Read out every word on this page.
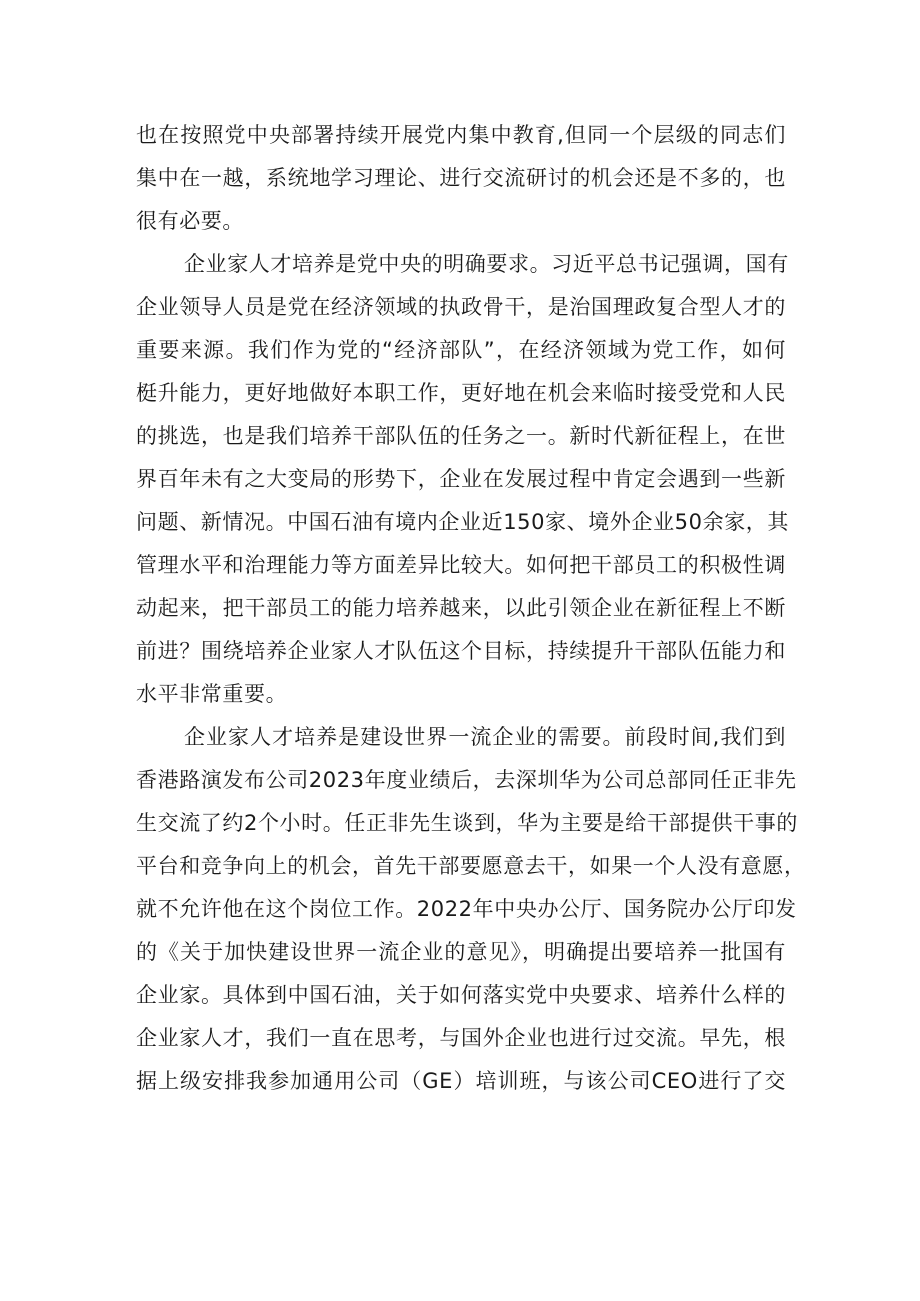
也在按照党中央部署持续开展党内集中教育,但同一个层级的同志们
集中在一越，系统地学习理论、进行交流研讨的机会还是不多的，也
很有必要。
企业家人才培养是党中央的明确要求。习近平总书记强调，国有
企业领导人员是党在经济领域的执政骨干，是治国理政复合型人才的
重要来源。我们作为党的“经济部队”，在经济领域为党工作，如何
梃升能力，更好地做好本职工作，更好地在机会来临时接受党和人民
的挑选，也是我们培养干部队伍的任务之一。新时代新征程上，在世
界百年未有之大变局的形势下，企业在发展过程中肯定会遇到一些新
问题、新情况。中国石油有境内企业近150家、境外企业50余家，其
管理水平和治理能力等方面差异比较大。如何把干部员工的积极性调
动起来，把干部员工的能力培养越来，以此引领企业在新征程上不断
前进？围绕培养企业家人才队伍这个目标，持续提升干部队伍能力和
水平非常重要。
企业家人才培养是建设世界一流企业的需要。前段时间,我们到
香港路演发布公司2023年度业绩后，去深圳华为公司总部同任正非先
生交流了约2个小时。任正非先生谈到，华为主要是给干部提供干事的
平台和竞争向上的机会，首先干部要愿意去干，如果一个人没有意愿，
就不允许他在这个岗位工作。2022年中央办公厅、国务院办公厅印发
的《关于加快建设世界一流企业的意见》，明确提出要培养一批国有
企业家。具体到中国石油，关于如何落实党中央要求、培养什么样的
企业家人才，我们一直在思考，与国外企业也进行过交流。早先，根
据上级安排我参加通用公司（GE）培训班，与该公司CEO进行了交
